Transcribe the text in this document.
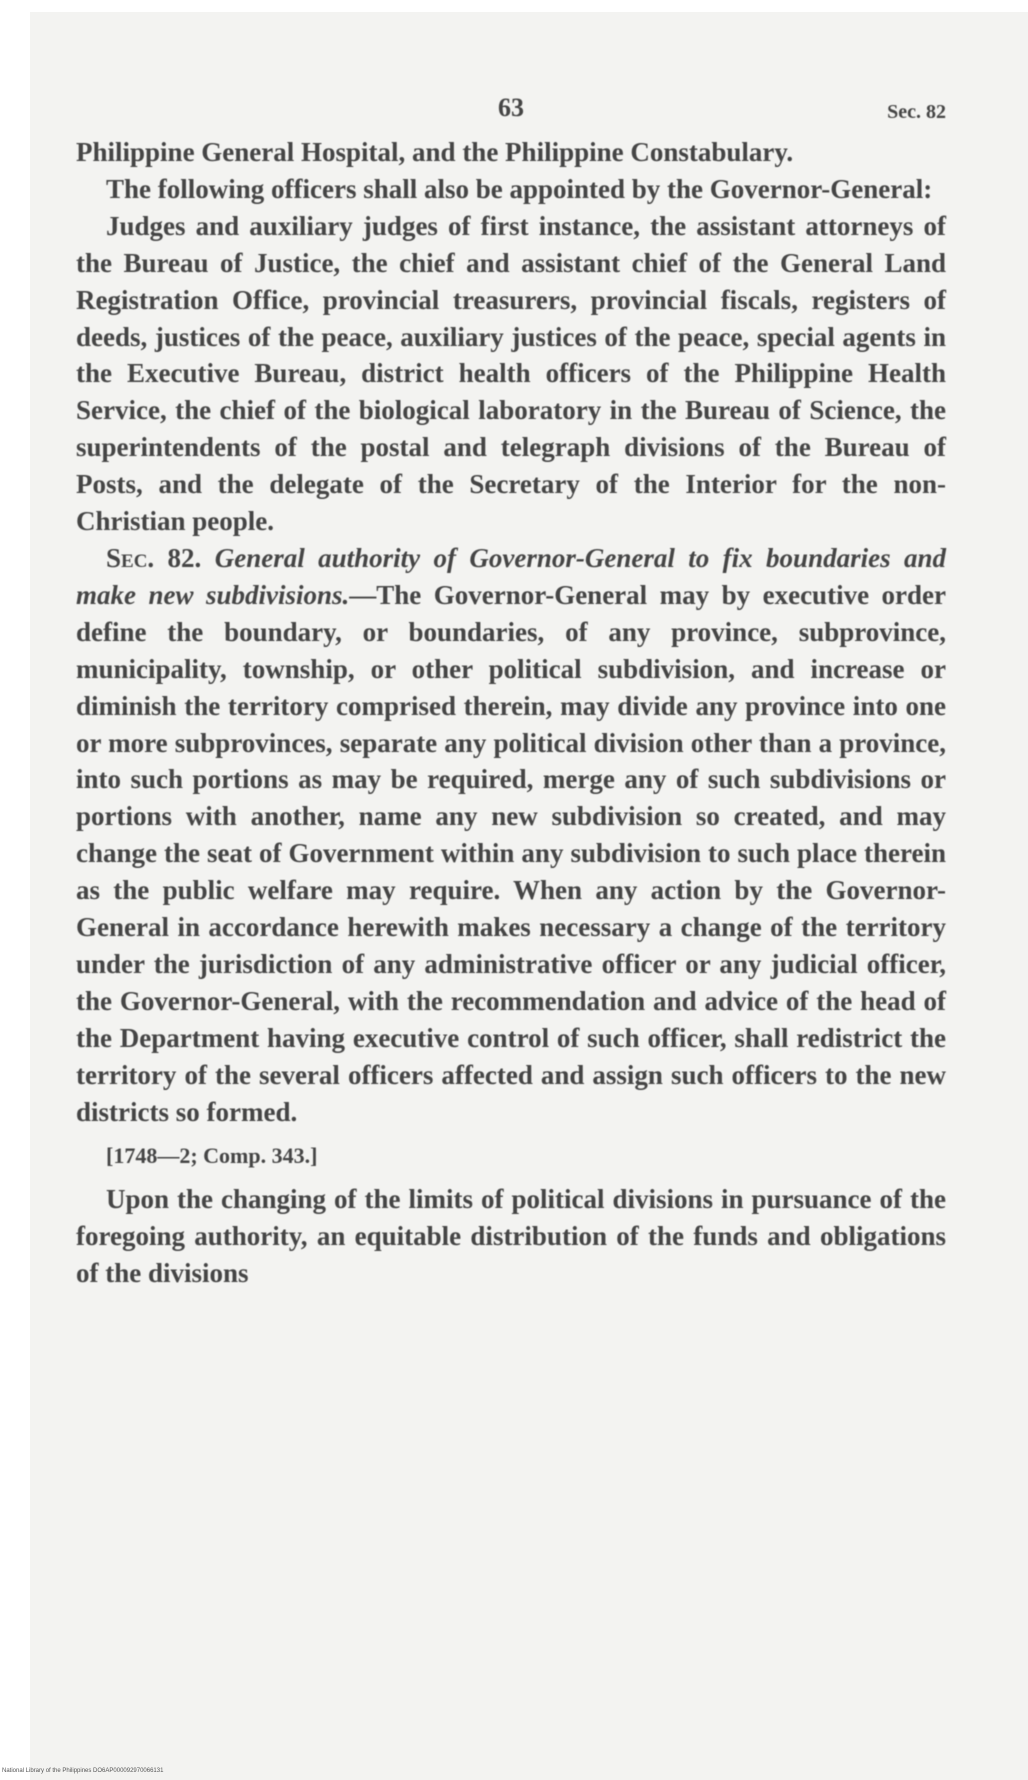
63	Sec. 82

Philippine General Hospital, and the Philippine Constabulary.

The following officers shall also be appointed by the Governor-General:

Judges and auxiliary judges of first instance, the assistant attorneys of the Bureau of Justice, the chief and assistant chief of the General Land Registration Office, provincial treasurers, provincial fiscals, registers of deeds, justices of the peace, auxiliary justices of the peace, special agents in the Executive Bureau, district health officers of the Philippine Health Service, the chief of the biological laboratory in the Bureau of Science, the superintendents of the postal and telegraph divisions of the Bureau of Posts, and the delegate of the Secretary of the Interior for the non-Christian people.

Sec. 82. General authority of Governor-General to fix boundaries and make new subdivisions.—The Governor-General may by executive order define the boundary, or boundaries, of any province, subprovince, municipality, township, or other political subdivision, and increase or diminish the territory comprised therein, may divide any province into one or more subprovinces, separate any political division other than a province, into such portions as may be required, merge any of such subdivisions or portions with another, name any new subdivision so created, and may change the seat of Government within any subdivision to such place therein as the public welfare may require. When any action by the Governor-General in accordance herewith makes necessary a change of the territory under the jurisdiction of any administrative officer or any judicial officer, the Governor-General, with the recommendation and advice of the head of the Department having executive control of such officer, shall redistrict the territory of the several officers affected and assign such officers to the new districts so formed.

[1748—2; Comp. 343.]

Upon the changing of the limits of political divisions in pursuance of the foregoing authority, an equitable distribution of the funds and obligations of the divisions

National Library of the Philippines DO6AP000092970066131
